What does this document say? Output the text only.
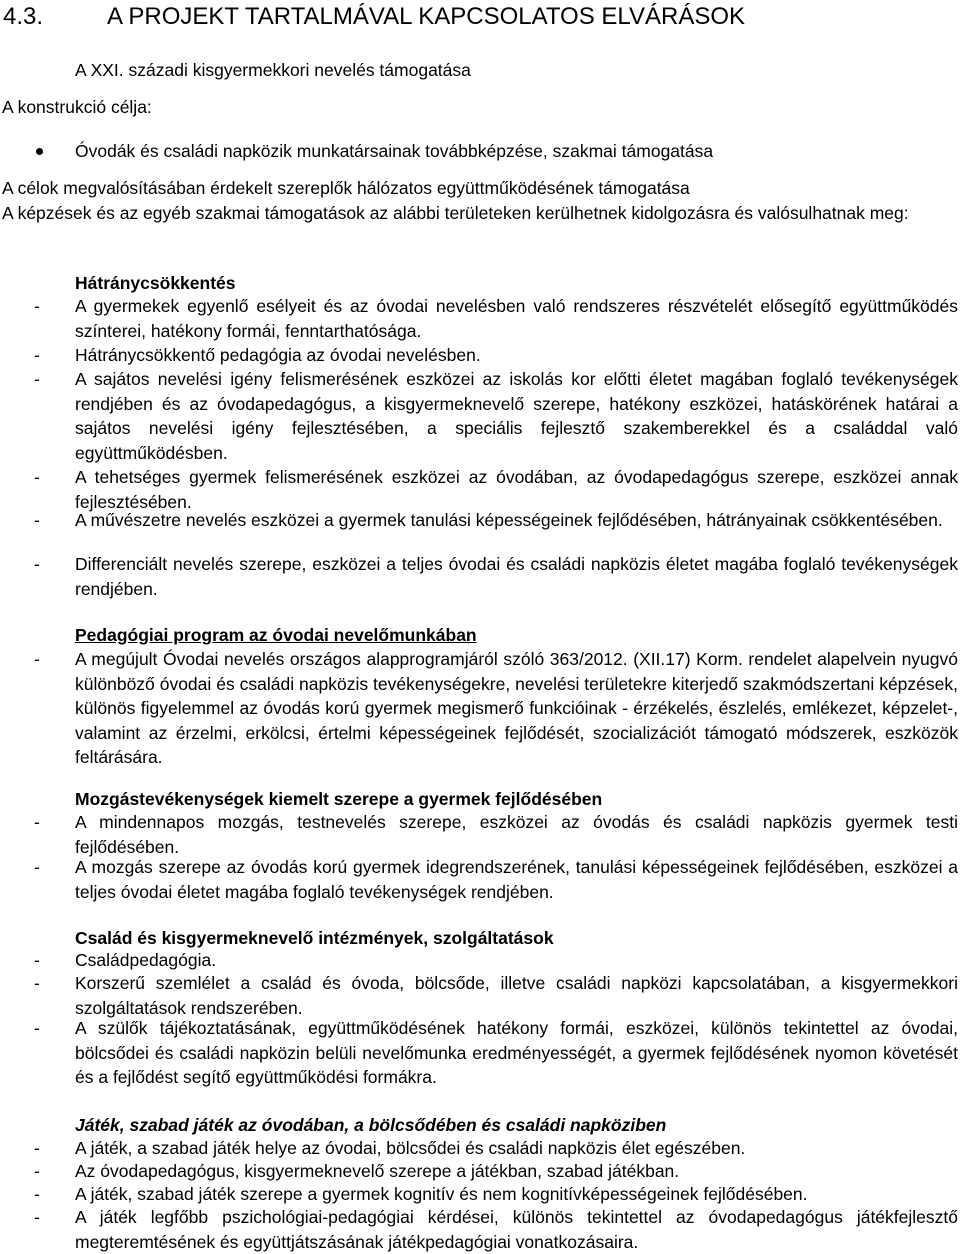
4.3.	A PROJEKT TARTALMÁVAL KAPCSOLATOS ELVÁRÁSOK
A XXI. századi kisgyermekkori nevelés támogatása
A konstrukció célja:
Óvodák és családi napközik munkatársainak továbbképzése, szakmai támogatása
A célok megvalósításában érdekelt szereplők hálózatos együttműködésének támogatása
A képzések és az egyéb szakmai támogatások az alábbi területeken kerülhetnek kidolgozásra és valósulhatnak meg:
Hátránycsökkentés
- A gyermekek egyenlő esélyeit és az óvodai nevelésben való rendszeres részvételét elősegítő együttműködés színterei, hatékony formái, fenntarthatósága.
- Hátránycsökkentő pedagógia az óvodai nevelésben.
- A sajátos nevelési igény felismerésének eszközei az iskolás kor előtti életet magában foglaló tevékenységek rendjében és az óvodapedagógus, a kisgyermeknevelő szerepe, hatékony eszközei, hatáskörének határai a sajátos nevelési igény fejlesztésében, a speciális fejlesztő szakemberekkel és a családdal való együttműködésben.
- A tehetséges gyermek felismerésének eszközei az óvodában, az óvodapedagógus szerepe, eszközei annak fejlesztésében.
- A művészetre nevelés eszközei a gyermek tanulási képességeinek fejlődésében, hátrányainak csökkentésében.
- Differenciált nevelés szerepe, eszközei a teljes óvodai és családi napközis életet magába foglaló tevékenységek rendjében.
Pedagógiai program az óvodai nevelőmunkában
- A megújult Óvodai nevelés országos alapprogramjáról szóló 363/2012. (XII.17) Korm. rendelet alapelvein nyugvó különböző óvodai és családi napközis tevékenységekre, nevelési területekre kiterjedő szakmódszertani képzések, különös figyelemmel az óvodás korú gyermek megismerő funkcióinak - érzékelés, észlelés, emlékezet, képzelet-, valamint az érzelmi, erkölcsi, értelmi képességeinek fejlődését, szocializációt támogató módszerek, eszközök feltárására.
Mozgástevékenységek kiemelt szerepe a gyermek fejlődésében
- A mindennapos mozgás, testnevelés szerepe, eszközei az óvodás és családi napközis gyermek testi fejlődésében.
- A mozgás szerepe az óvodás korú gyermek idegrendszerének, tanulási képességeinek fejlődésében, eszközei a teljes óvodai életet magába foglaló tevékenységek rendjében.
Család és kisgyermeknevelő intézmények, szolgáltatások
- Családpedagógia.
- Korszerű szemlélet a család és óvoda, bölcsőde, illetve családi napközi kapcsolatában, a kisgyermekkori szolgáltatások rendszerében.
- A szülők tájékoztatásának, együttműködésének hatékony formái, eszközei, különös tekintettel az óvodai, bölcsődei és családi napközin belüli nevelőmunka eredményességét, a gyermek fejlődésének nyomon követését és a fejlődést segítő együttműködési formákra.
Játék, szabad játék az óvodában, a bölcsődében és családi napköziben
- A játék, a szabad játék helye az óvodai, bölcsődei és családi napközis élet egészében.
- Az óvodapedagógus, kisgyermeknevelő szerepe a játékban, szabad játékban.
- A játék, szabad játék szerepe a gyermek kognitív és nem kognitívképességeinek fejlődésében.
- A játék legfőbb pszichológiai-pedagógiai kérdései, különös tekintettel az óvodapedagógus játékfejlesztő megteremtésének és együttjátszásának játékpedagógiai vonatkozásaira.
